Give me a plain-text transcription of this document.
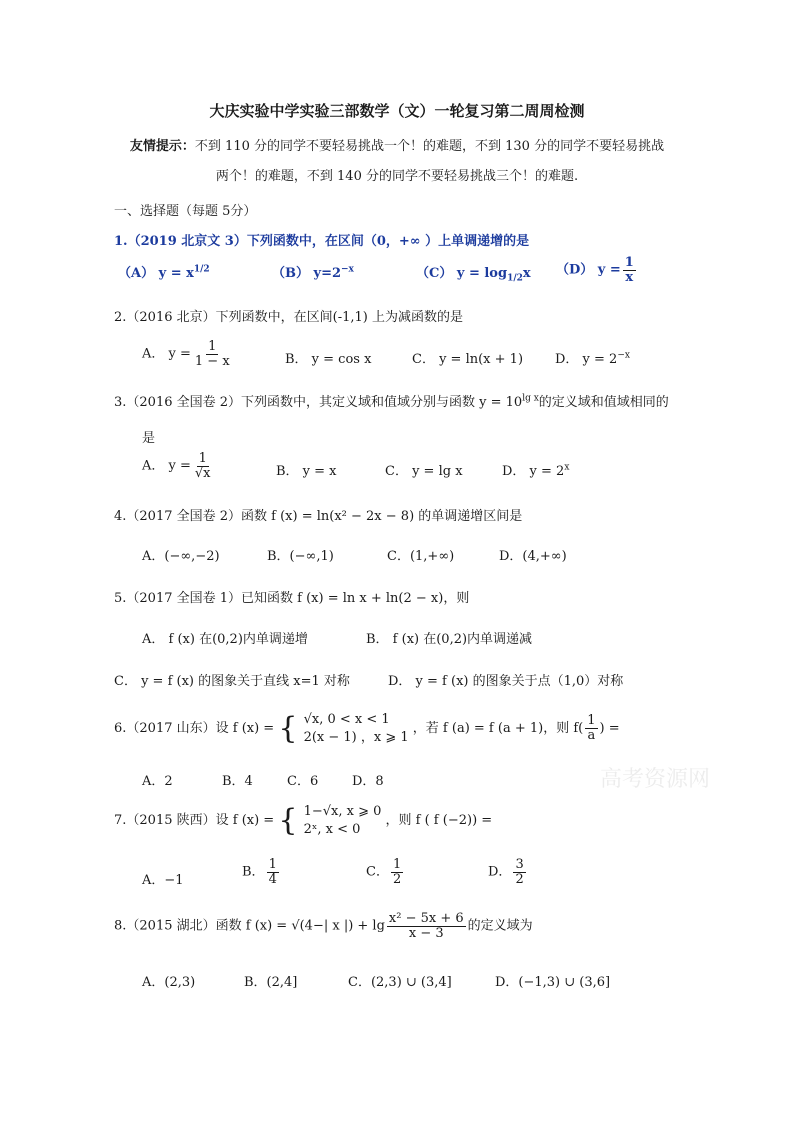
大庆实验中学实验三部数学（文）一轮复习第二周周检测
友情提示：不到 110 分的同学不要轻易挑战一个！的难题，不到 130 分的同学不要轻易挑战
两个！的难题，不到 140 分的同学不要轻易挑战三个！的难题.
一、选择题（每题 5分）
1.（2019 北京文 3）下列函数中，在区间（0，+∞ ）上单调递增的是
（A） $y = x^{1/2}$	（B） $y=2^{-x}$	（C） $y = \log_{1/2}x$ （D） $y = \frac{1}{x}$
2.（2016 北京）下列函数中，在区间(-1,1) 上为减函数的是
A． $y = \frac{1}{1 - x}$	B． y = cos x	C． y = ln(x + 1) D． $y = 2^{-x}$
3.（2016 全国卷 2）下列函数中，其定义域和值域分别与函数 $y = 10^{lg x}$的定义域和值域相同的
是
A． $y = \frac{1}{√x}$	B． y = x	C． y = lg x	D． $y = 2^x$
4.（2017 全国卷 2）函数 f (x) = ln(x² − 2x − 8) 的单调递增区间是
A．(−∞,−2)	B．(−∞,1)	C．(1,+∞)	D．(4,+∞)
5.（2017 全国卷 1）已知函数 f (x) = ln x + ln(2 − x)，则
A． f (x) 在(0,2)内单调递增	B． f (x) 在(0,2)内单调递减
C． y = f (x) 的图象关于直线 x=1 对称	D． y = f (x) 的图象关于点（1,0）对称
6.（2017 山东）设 f (x) = { √x, 0 < x < 1
2(x − 1) ，x ⩾ 1
，若 f (a) = f (a + 1)，则 $f( \frac{1}{a}$ ) =
A．2	B．4	C．6	D．8	高考资源网
7.（2015 陕西）设 f (x) = { 1−√x, x ⩾ 0
2ˣ, x < 0
，则 f ( f (−2)) =
A．−1
B． $\frac{1}{4}$	C． $\frac{1}{2}$	D． $\frac{3}{2}$
8.（2015 湖北）函数 f (x) = √(4−| x |) + $\lg \frac{\text{x² − 5x + 6}}{x - 3}$ 的定义域为
A．(2,3)	B．(2,4]	C．(2,3) ∪ (3,4]	D．(−1,3) ∪ (3,6]
